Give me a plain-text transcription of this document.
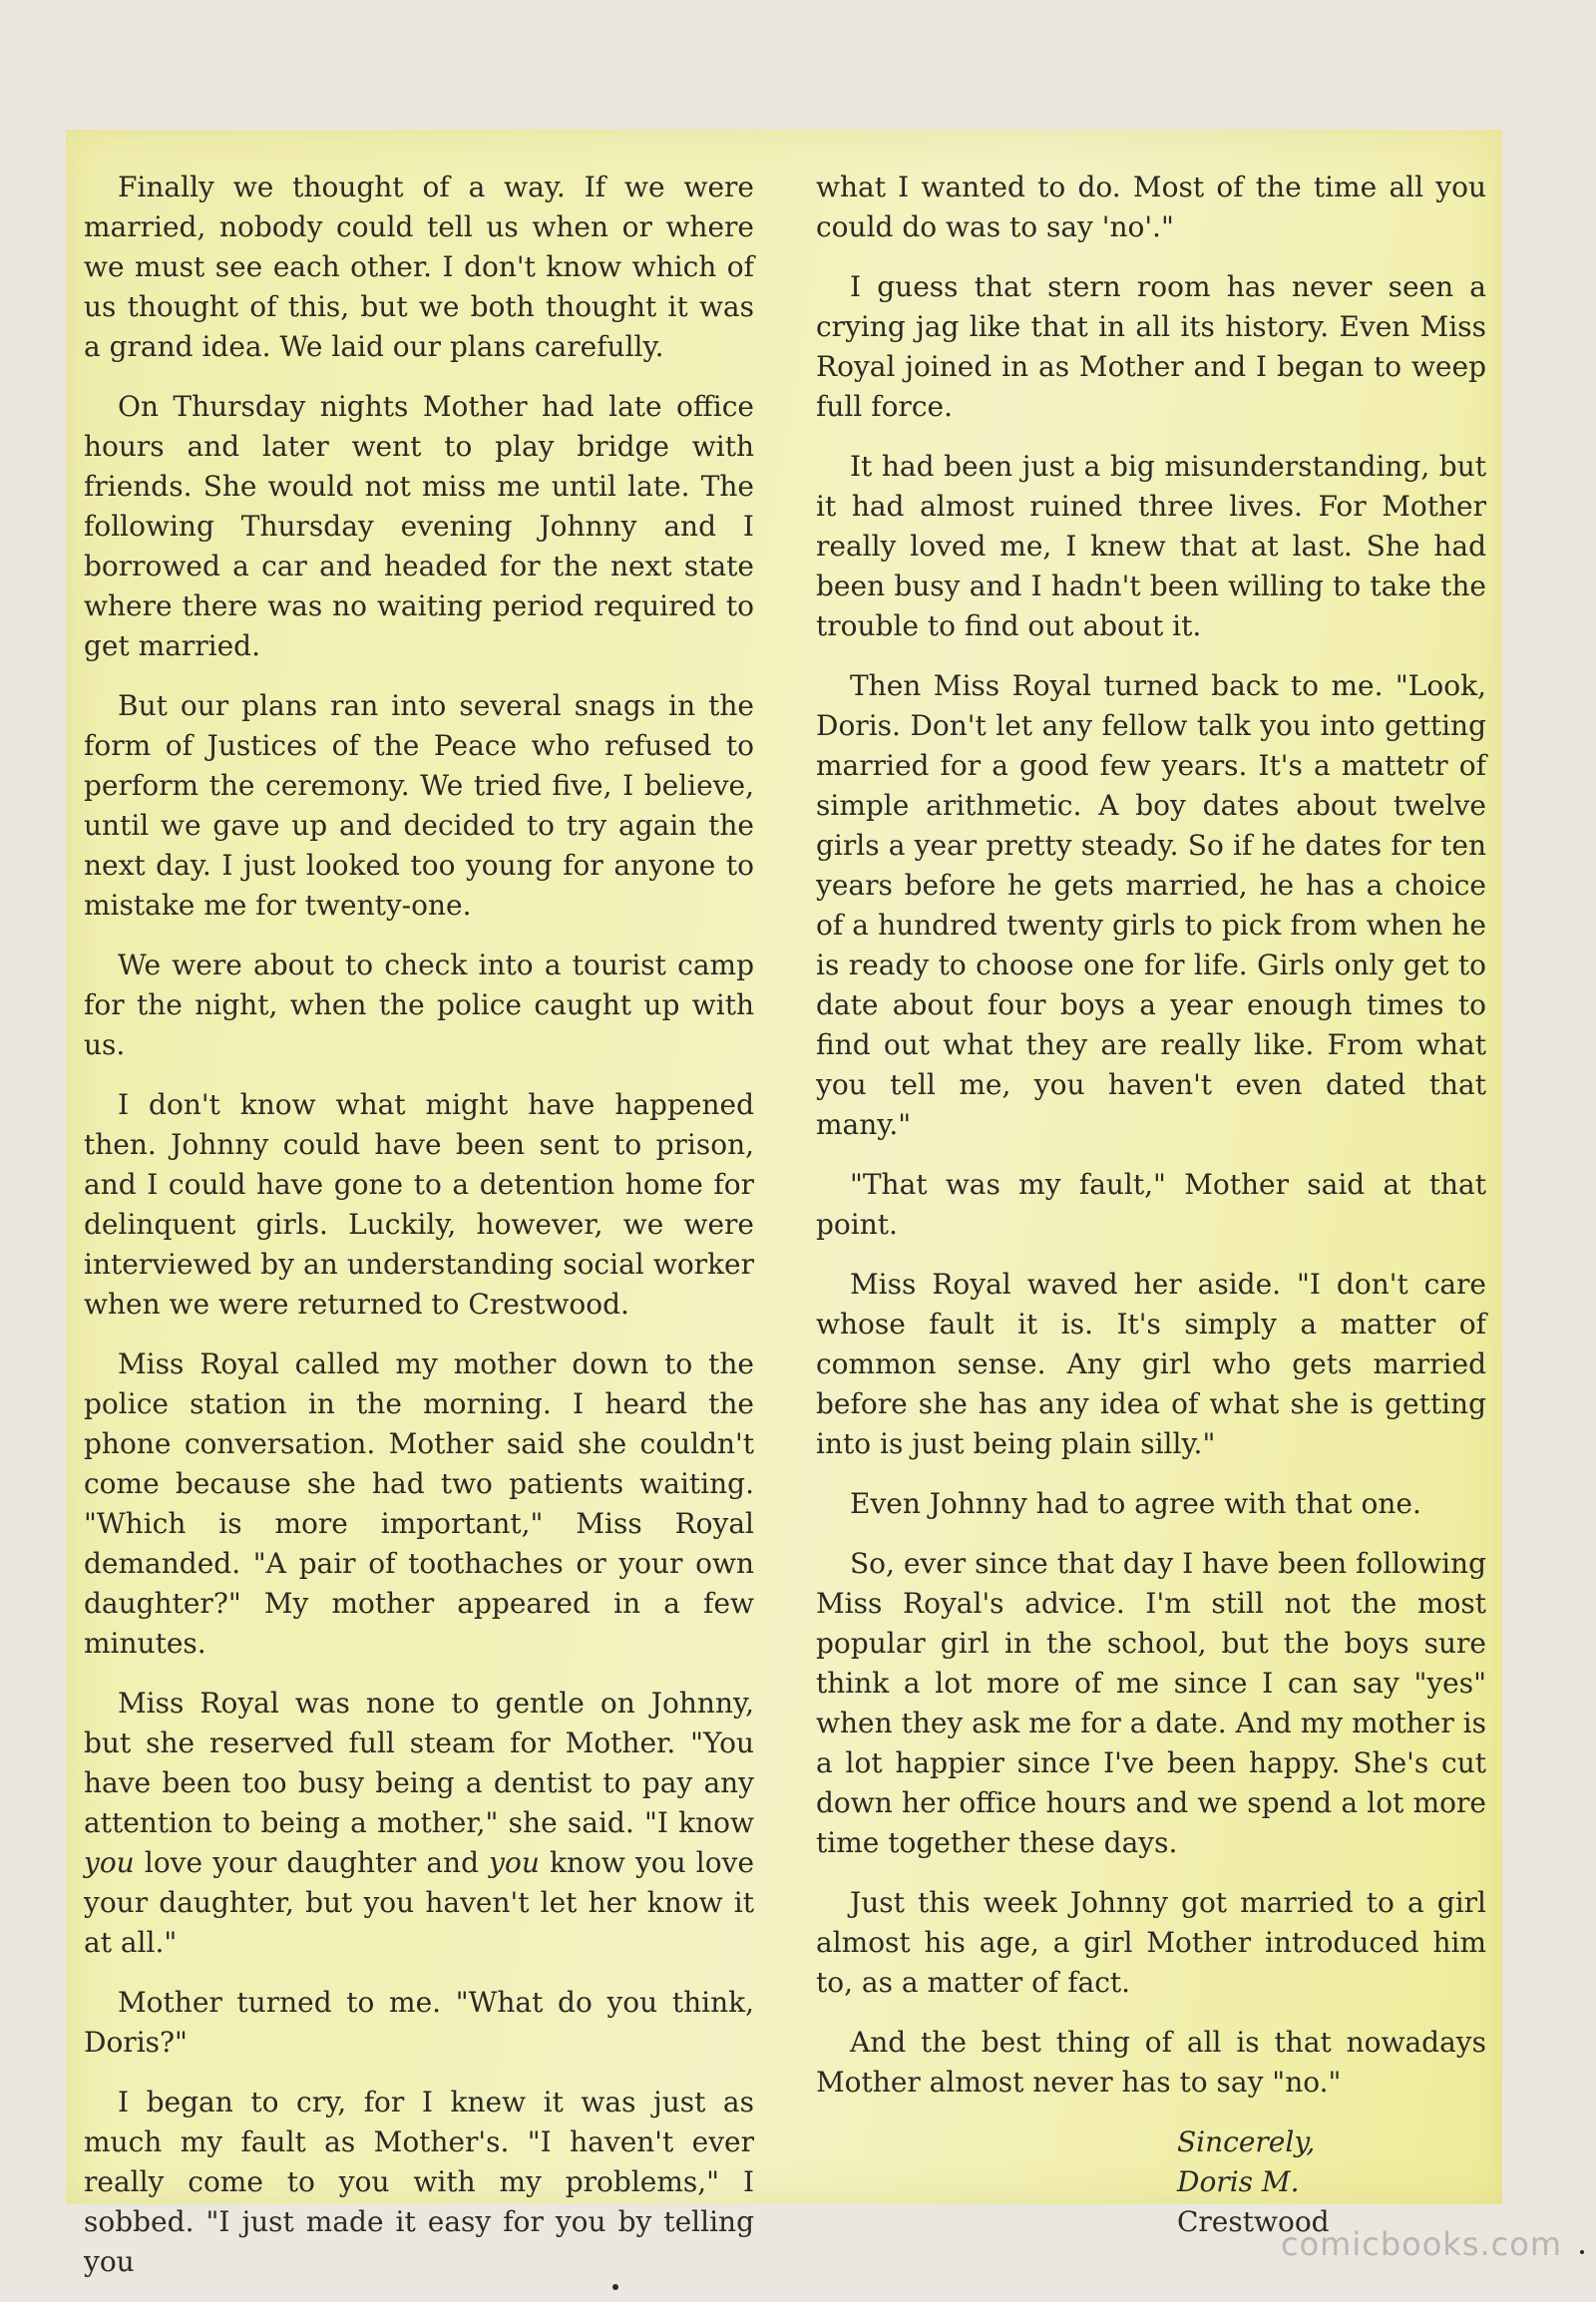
Finally we thought of a way. If we were married, nobody could tell us when or where we must see each other. I don't know which of us thought of this, but we both thought it was a grand idea. We laid our plans carefully.

On Thursday nights Mother had late office hours and later went to play bridge with friends. She would not miss me until late. The following Thursday evening Johnny and I borrowed a car and headed for the next state where there was no waiting period required to get married.

But our plans ran into several snags in the form of Justices of the Peace who refused to perform the ceremony. We tried five, I believe, until we gave up and decided to try again the next day. I just looked too young for anyone to mistake me for twenty-one.

We were about to check into a tourist camp for the night, when the police caught up with us.

I don't know what might have happened then. Johnny could have been sent to prison, and I could have gone to a detention home for delinquent girls. Luckily, however, we were interviewed by an understanding social worker when we were returned to Crestwood.

Miss Royal called my mother down to the police station in the morning. I heard the phone conversation. Mother said she couldn't come because she had two patients waiting. "Which is more important," Miss Royal demanded. "A pair of toothaches or your own daughter?" My mother appeared in a few minutes.

Miss Royal was none to gentle on Johnny, but she reserved full steam for Mother. "You have been too busy being a dentist to pay any attention to being a mother," she said. "I know you love your daughter and you know you love your daughter, but you haven't let her know it at all."

Mother turned to me. "What do you think, Doris?"

I began to cry, for I knew it was just as much my fault as Mother's. "I haven't ever really come to you with my problems," I sobbed. "I just made it easy for you by telling you

what I wanted to do. Most of the time all you could do was to say 'no'."

I guess that stern room has never seen a crying jag like that in all its history. Even Miss Royal joined in as Mother and I began to weep full force.

It had been just a big misunderstanding, but it had almost ruined three lives. For Mother really loved me, I knew that at last. She had been busy and I hadn't been willing to take the trouble to find out about it.

Then Miss Royal turned back to me. "Look, Doris. Don't let any fellow talk you into getting married for a good few years. It's a mattetr of simple arithmetic. A boy dates about twelve girls a year pretty steady. So if he dates for ten years before he gets married, he has a choice of a hundred twenty girls to pick from when he is ready to choose one for life. Girls only get to date about four boys a year enough times to find out what they are really like. From what you tell me, you haven't even dated that many."

"That was my fault," Mother said at that point.

Miss Royal waved her aside. "I don't care whose fault it is. It's simply a matter of common sense. Any girl who gets married before she has any idea of what she is getting into is just being plain silly."

Even Johnny had to agree with that one.

So, ever since that day I have been following Miss Royal's advice. I'm still not the most popular girl in the school, but the boys sure think a lot more of me since I can say "yes" when they ask me for a date. And my mother is a lot happier since I've been happy. She's cut down her office hours and we spend a lot more time together these days.

Just this week Johnny got married to a girl almost his age, a girl Mother introduced him to, as a matter of fact.

And the best thing of all is that nowadays Mother almost never has to say "no."

Sincerely,
Doris M.
Crestwood
comicbooks.com
